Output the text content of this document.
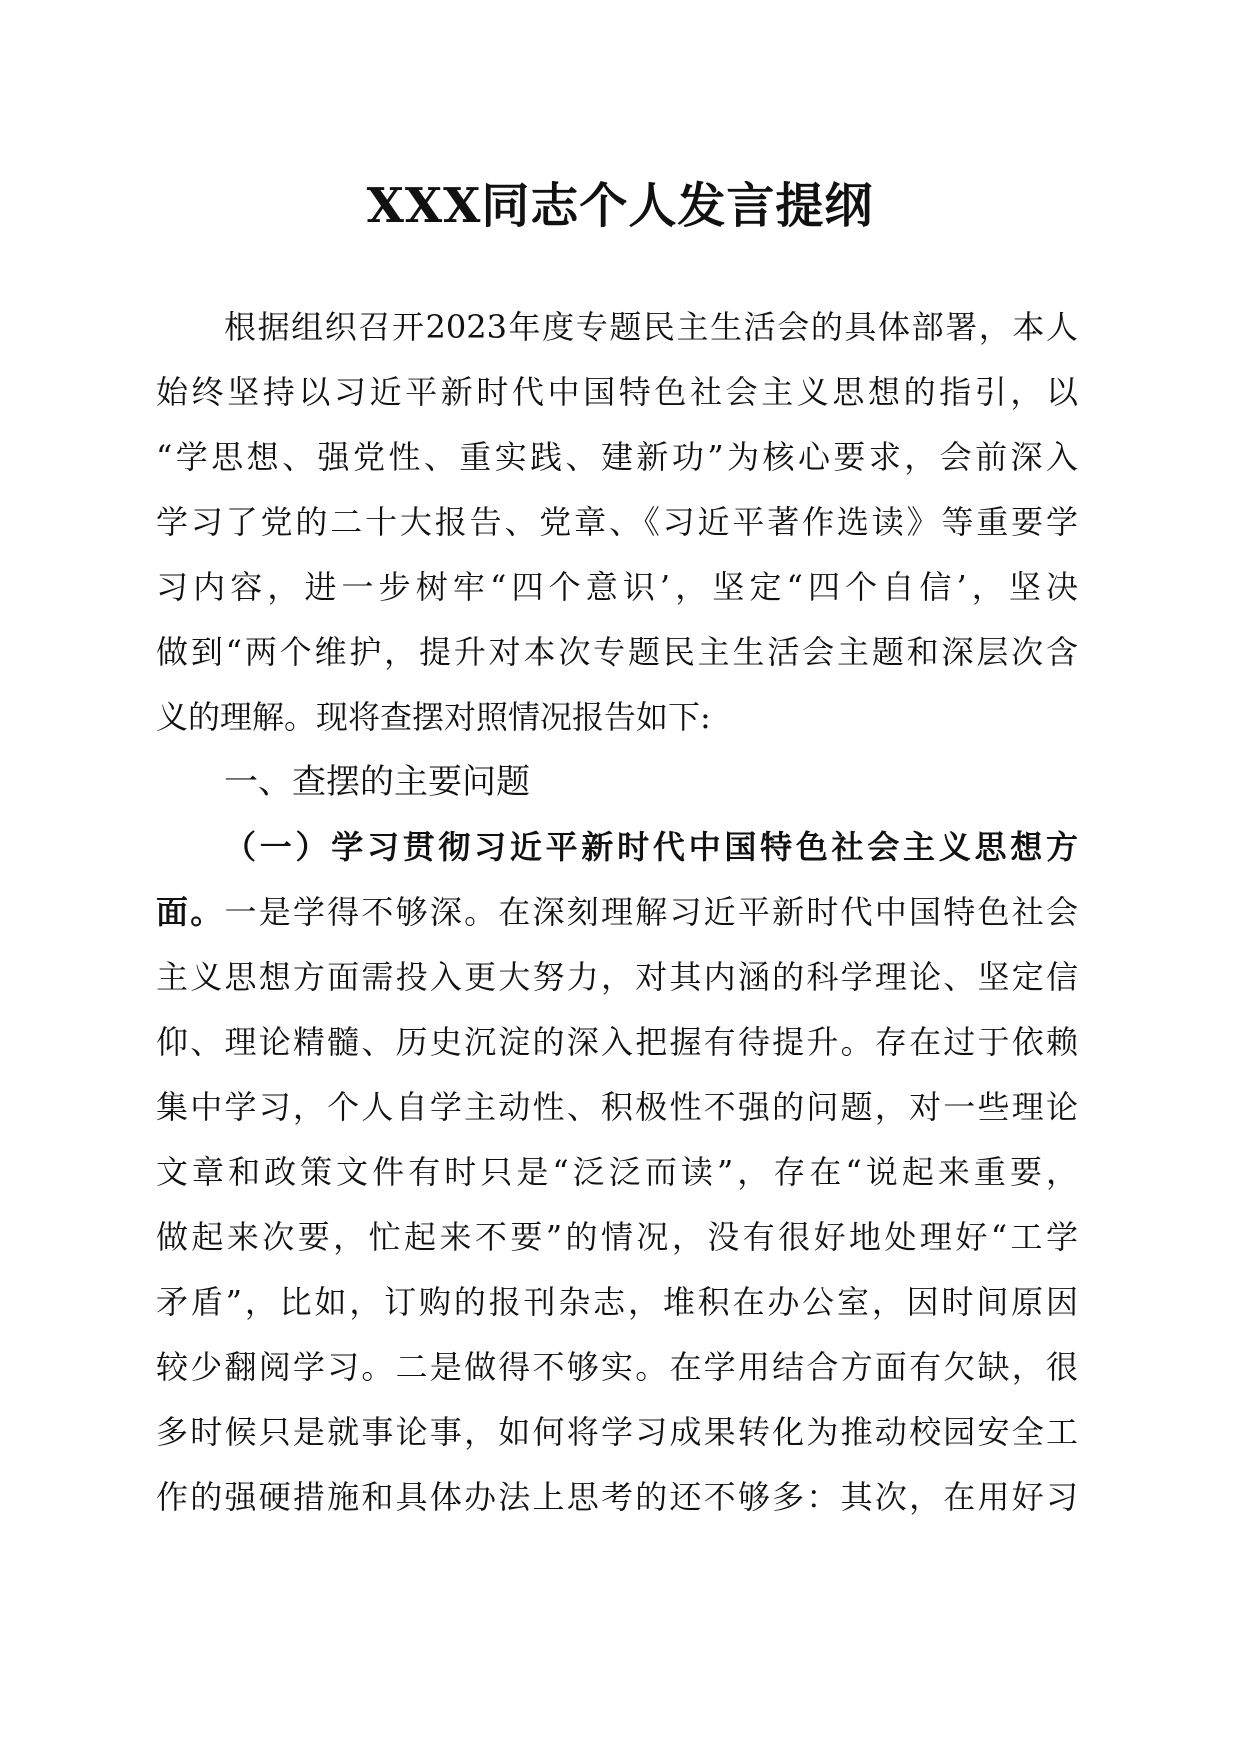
XXX同志个人发言提纲
根据组织召开2023年度专题民主生活会的具体部署，本人
始终坚持以习近平新时代中国特色社会主义思想的指引，以
“学思想、强党性、重实践、建新功”为核心要求，会前深入
学习了党的二十大报告、党章、《习近平著作选读》等重要学
习内容，进一步树牢“四个意识’，坚定“四个自信’，坚决
做到“两个维护，提升对本次专题民主生活会主题和深层次含
义的理解。现将查摆对照情况报告如下:
一、查摆的主要问题
（一）学习贯彻习近平新时代中国特色社会主义思想方
面。一是学得不够深。在深刻理解习近平新时代中国特色社会
主义思想方面需投入更大努力，对其内涵的科学理论、坚定信
仰、理论精髓、历史沉淀的深入把握有待提升。存在过于依赖
集中学习，个人自学主动性、积极性不强的问题，对一些理论
文章和政策文件有时只是“泛泛而读”，存在“说起来重要，
做起来次要，忙起来不要”的情况，没有很好地处理好“工学
矛盾”，比如，订购的报刊杂志，堆积在办公室，因时间原因
较少翻阅学习。二是做得不够实。在学用结合方面有欠缺，很
多时候只是就事论事，如何将学习成果转化为推动校园安全工
作的强硬措施和具体办法上思考的还不够多：其次，在用好习
